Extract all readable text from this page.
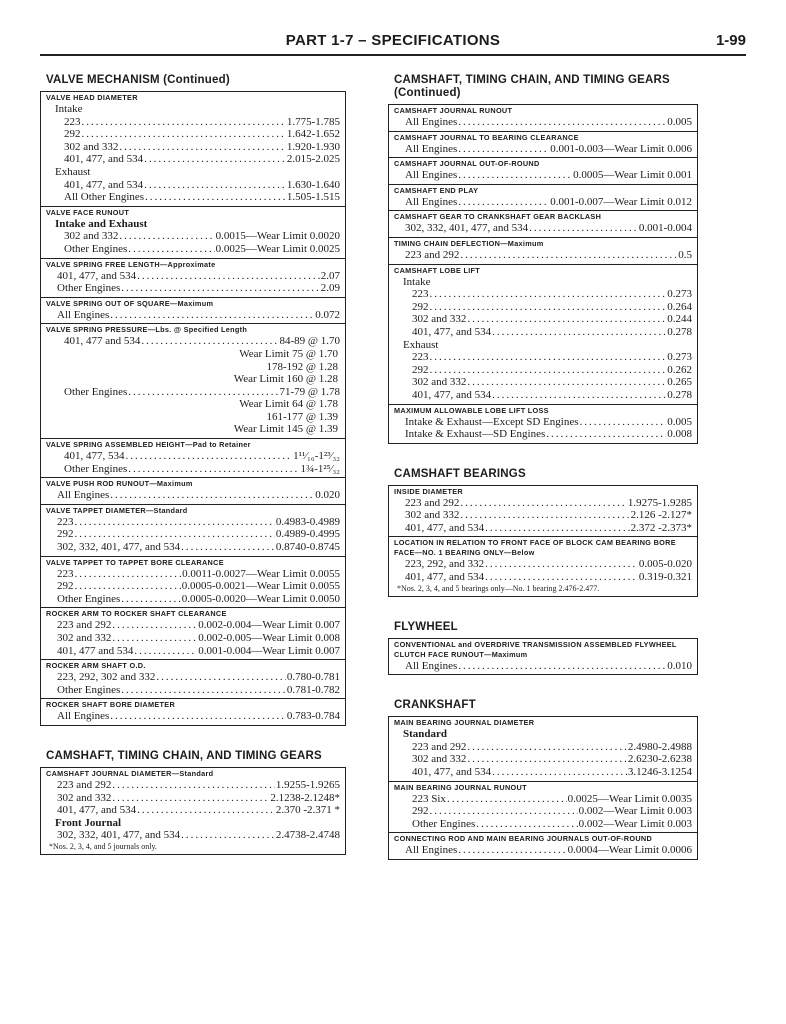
PART 1-7 – SPECIFICATIONS	1-99
VALVE MECHANISM (Continued)
VALVE HEAD DIAMETER
Intake
223 .....	1.775-1.785
292 .....	1.642-1.652
302 and 332 .....	1.920-1.930
401, 477, and 534 .....	2.015-2.025
Exhaust
401, 477, and 534 .....	1.630-1.640
All Other Engines .....	1.505-1.515
VALVE FACE RUNOUT
Intake and Exhaust
302 and 332 .....	0.0015—Wear Limit 0.0020
Other Engines .....	0.0025—Wear Limit 0.0025
VALVE SPRING FREE LENGTH—Approximate
401, 477, and 534 .....	2.07
Other Engines .....	2.09
VALVE SPRING OUT OF SQUARE—Maximum
All Engines .....	0.072
VALVE SPRING PRESSURE—Lbs. @ Specified Length
401, 477 and 534 .....	84-89 @ 1.70
Wear Limit 75 @ 1.70
178-192 @ 1.28
Wear Limit 160 @ 1.28
Other Engines .....	71-79 @ 1.78
Wear Limit 64 @ 1.78
161-177 @ 1.39
Wear Limit 145 @ 1.39
VALVE SPRING ASSEMBLED HEIGHT—Pad to Retainer
401, 477, 534 .....	1¹¹⁄₁₆-1²³⁄₃₂
Other Engines .....	1¾-1²⁵⁄₃₂
VALVE PUSH ROD RUNOUT—Maximum
All Engines .....	0.020
VALVE TAPPET DIAMETER—Standard
223 .....	0.4983-0.4989
292 .....	0.4989-0.4995
302, 332, 401, 477, and 534 .....	0.8740-0.8745
VALVE TAPPET TO TAPPET BORE CLEARANCE
223 .....	0.0011-0.0027—Wear Limit 0.0055
292 .....	0.0005-0.0021—Wear Limit 0.0055
Other Engines .....	0.0005-0.0020—Wear Limit 0.0050
ROCKER ARM TO ROCKER SHAFT CLEARANCE
223 and 292 .....	0.002-0.004—Wear Limit 0.007
302 and 332 .....	0.002-0.005—Wear Limit 0.008
401, 477 and 534 .....	0.001-0.004—Wear Limit 0.007
ROCKER ARM SHAFT O.D.
223, 292, 302 and 332 .....	0.780-0.781
Other Engines .....	0.781-0.782
ROCKER SHAFT BORE DIAMETER
All Engines .....	0.783-0.784
CAMSHAFT, TIMING CHAIN, AND TIMING GEARS
CAMSHAFT JOURNAL DIAMETER—Standard
223 and 292 .....	1.9255-1.9265
302 and 332 .....	2.1238-2.1248*
401, 477, and 534 .....	2.370 -2.371 *
Front Journal
302, 332, 401, 477, and 534 .....	2.4738-2.4748
*Nos. 2, 3, 4, and 5 journals only.
CAMSHAFT, TIMING CHAIN, AND TIMING GEARS (Continued)
CAMSHAFT JOURNAL RUNOUT
All Engines .....	0.005
CAMSHAFT JOURNAL TO BEARING CLEARANCE
All Engines .....	0.001-0.003—Wear Limit 0.006
CAMSHAFT JOURNAL OUT-OF-ROUND
All Engines .....	0.0005—Wear Limit 0.001
CAMSHAFT END PLAY
All Engines .....	0.001-0.007—Wear Limit 0.012
CAMSHAFT GEAR TO CRANKSHAFT GEAR BACKLASH
302, 332, 401, 477, and 534 .....	0.001-0.004
TIMING CHAIN DEFLECTION—Maximum
223 and 292 .....	0.5
CAMSHAFT LOBE LIFT
Intake
223 .....	0.273
292 .....	0.264
302 and 332 .....	0.244
401, 477, and 534 .....	0.278
Exhaust
223 .....	0.273
292 .....	0.262
302 and 332 .....	0.265
401, 477, and 534 .....	0.278
MAXIMUM ALLOWABLE LOBE LIFT LOSS
Intake & Exhaust—Except SD Engines .....	0.005
Intake & Exhaust—SD Engines .....	0.008
CAMSHAFT BEARINGS
INSIDE DIAMETER
223 and 292 .....	1.9275-1.9285
302 and 332 .....	2.126 -2.127*
401, 477, and 534 .....	2.372 -2.373*
LOCATION IN RELATION TO FRONT FACE OF BLOCK CAM BEARING BORE FACE—NO. 1 BEARING ONLY—Below
223, 292, and 332 .....	0.005-0.020
401, 477, and 534 .....	0.319-0.321
*Nos. 2, 3, 4, and 5 bearings only—No. 1 bearing 2.476-2.477.
FLYWHEEL
CONVENTIONAL and OVERDRIVE TRANSMISSION ASSEMBLED FLYWHEEL CLUTCH FACE RUNOUT—Maximum
All Engines .....	0.010
CRANKSHAFT
MAIN BEARING JOURNAL DIAMETER
Standard
223 and 292 .....	2.4980-2.4988
302 and 332 .....	2.6230-2.6238
401, 477, and 534 .....	3.1246-3.1254
MAIN BEARING JOURNAL RUNOUT
223 Six .....	0.0025—Wear Limit 0.0035
292 .....	0.002—Wear Limit 0.003
Other Engines .....	0.002—Wear Limit 0.003
CONNECTING ROD AND MAIN BEARING JOURNALS OUT-OF-ROUND
All Engines .....	0.0004—Wear Limit 0.0006
